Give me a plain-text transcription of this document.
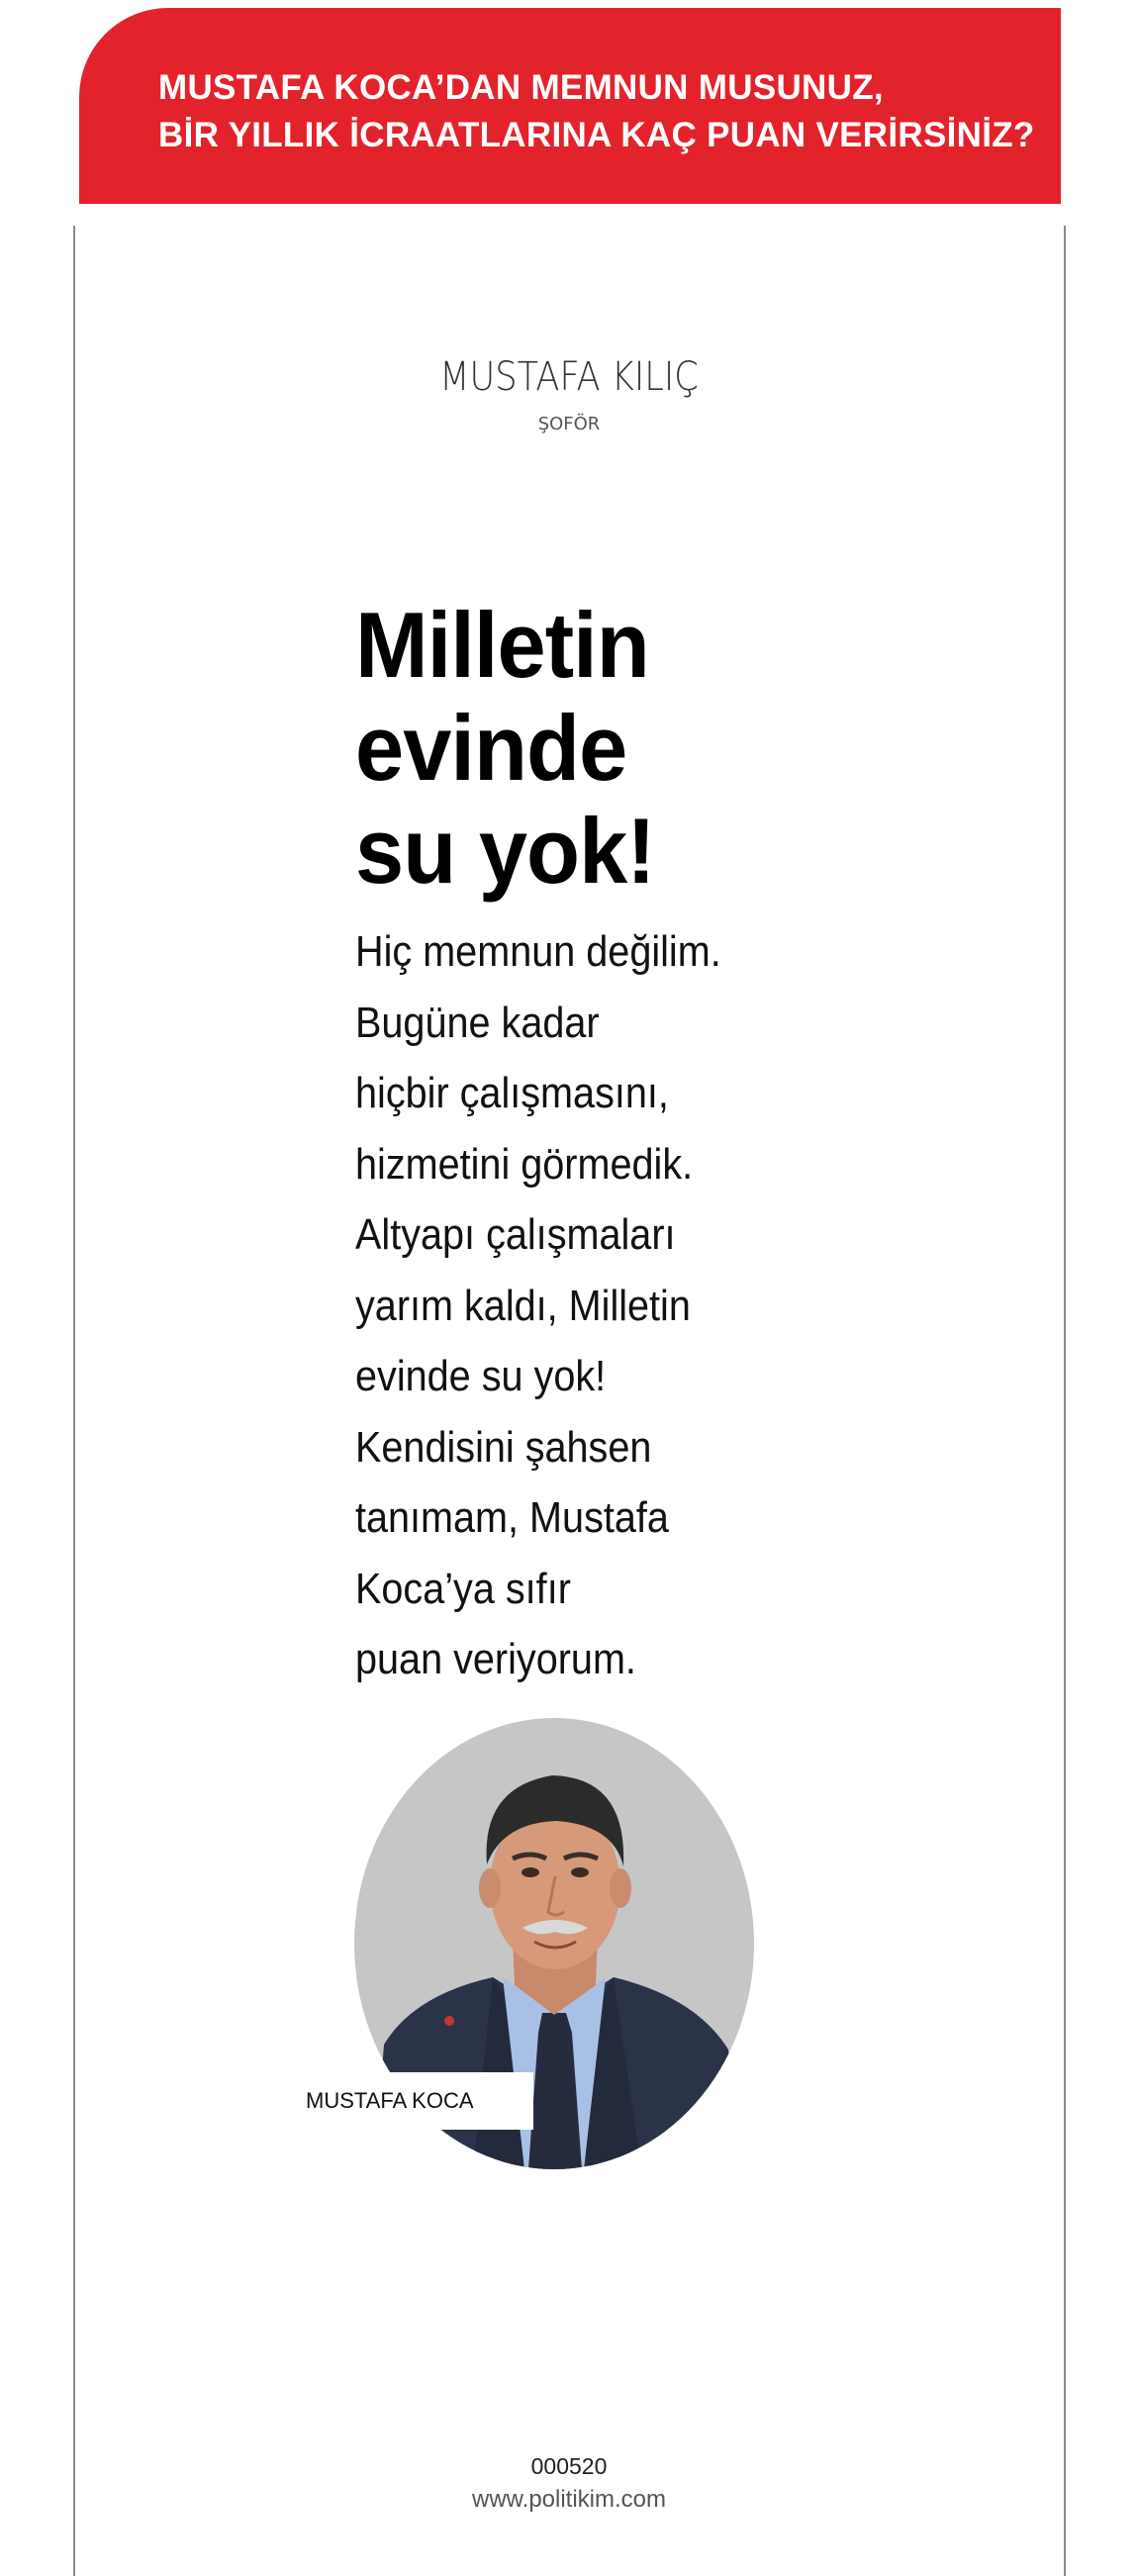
MUSTAFA KOCA’DAN MEMNUN MUSUNUZ,
BİR YILLIK İCRAATLARINA KAÇ PUAN VERİRSİNİZ?
MUSTAFA KILIÇ
ŞOFÖR
Milletin
evinde
su yok!
Hiç memnun değilim.
Bugüne kadar
hiçbir çalışmasını,
hizmetini görmedik.
Altyapı çalışmaları
yarım kaldı, Milletin
evinde su yok!
Kendisini şahsen
tanımam, Mustafa
Koca’ya sıfır
puan veriyorum.
MUSTAFA KOCA
000520
www.politikim.com
